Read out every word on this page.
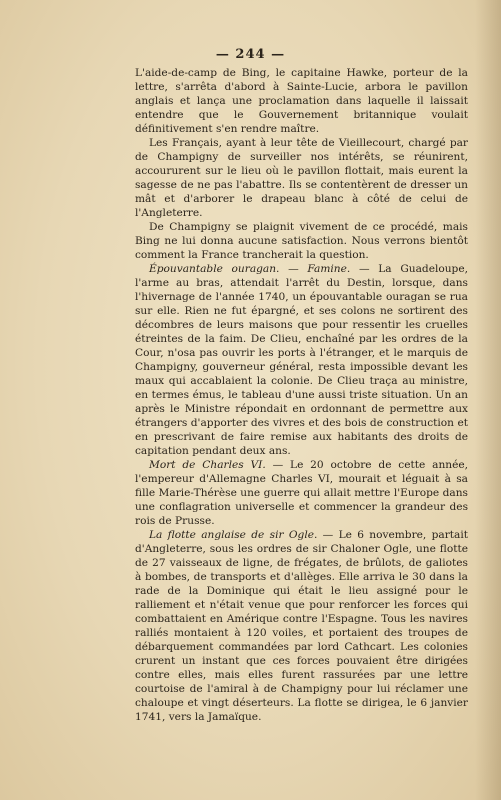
— 244 —

L'aide-de-camp de Bing, le capitaine Hawke, porteur de la lettre, s'arrêta d'abord à Sainte-Lucie, arbora le pavillon anglais et lança une proclamation dans laquelle il laissait entendre que le Gouvernement britannique voulait définitivement s'en rendre maître.

Les Français, ayant à leur tête de Vieillecourt, chargé par de Champigny de surveiller nos intérêts, se réunirent, accoururent sur le lieu où le pavillon flottait, mais eurent la sagesse de ne pas l'abattre. Ils se contentèrent de dresser un mât et d'arborer le drapeau blanc à côté de celui de l'Angleterre.

De Champigny se plaignit vivement de ce procédé, mais Bing ne lui donna aucune satisfaction. Nous verrons bientôt comment la France trancherait la question.

Épouvantable ouragan. — Famine. — La Guadeloupe, l'arme au bras, attendait l'arrêt du Destin, lorsque, dans l'hivernage de l'année 1740, un épouvantable ouragan se rua sur elle. Rien ne fut épargné, et ses colons ne sortirent des décombres de leurs maisons que pour ressentir les cruelles étreintes de la faim. De Clieu, enchaîné par les ordres de la Cour, n'osa pas ouvrir les ports à l'étranger, et le marquis de Champigny, gouverneur général, resta impossible devant les maux qui accablaient la colonie. De Clieu traça au ministre, en termes émus, le tableau d'une aussi triste situation. Un an après le Ministre répondait en ordonnant de permettre aux étrangers d'apporter des vivres et des bois de construction et en prescrivant de faire remise aux habitants des droits de capitation pendant deux ans.

Mort de Charles VI. — Le 20 octobre de cette année, l'empereur d'Allemagne Charles VI, mourait et léguait à sa fille Marie-Thérèse une guerre qui allait mettre l'Europe dans une conflagration universelle et commencer la grandeur des rois de Prusse.

La flotte anglaise de sir Ogle. — Le 6 novembre, partait d'Angleterre, sous les ordres de sir Chaloner Ogle, une flotte de 27 vaisseaux de ligne, de frégates, de brûlots, de galiotes à bombes, de transports et d'allèges. Elle arriva le 30 dans la rade de la Dominique qui était le lieu assigné pour le ralliement et n'était venue que pour renforcer les forces qui combattaient en Amérique contre l'Espagne. Tous les navires ralliés montaient à 120 voiles, et portaient des troupes de débarquement commandées par lord Cathcart. Les colonies crurent un instant que ces forces pouvaient être dirigées contre elles, mais elles furent rassurées par une lettre courtoise de l'amiral à de Champigny pour lui réclamer une chaloupe et vingt déserteurs. La flotte se dirigea, le 6 janvier 1741, vers la Jamaïque.
